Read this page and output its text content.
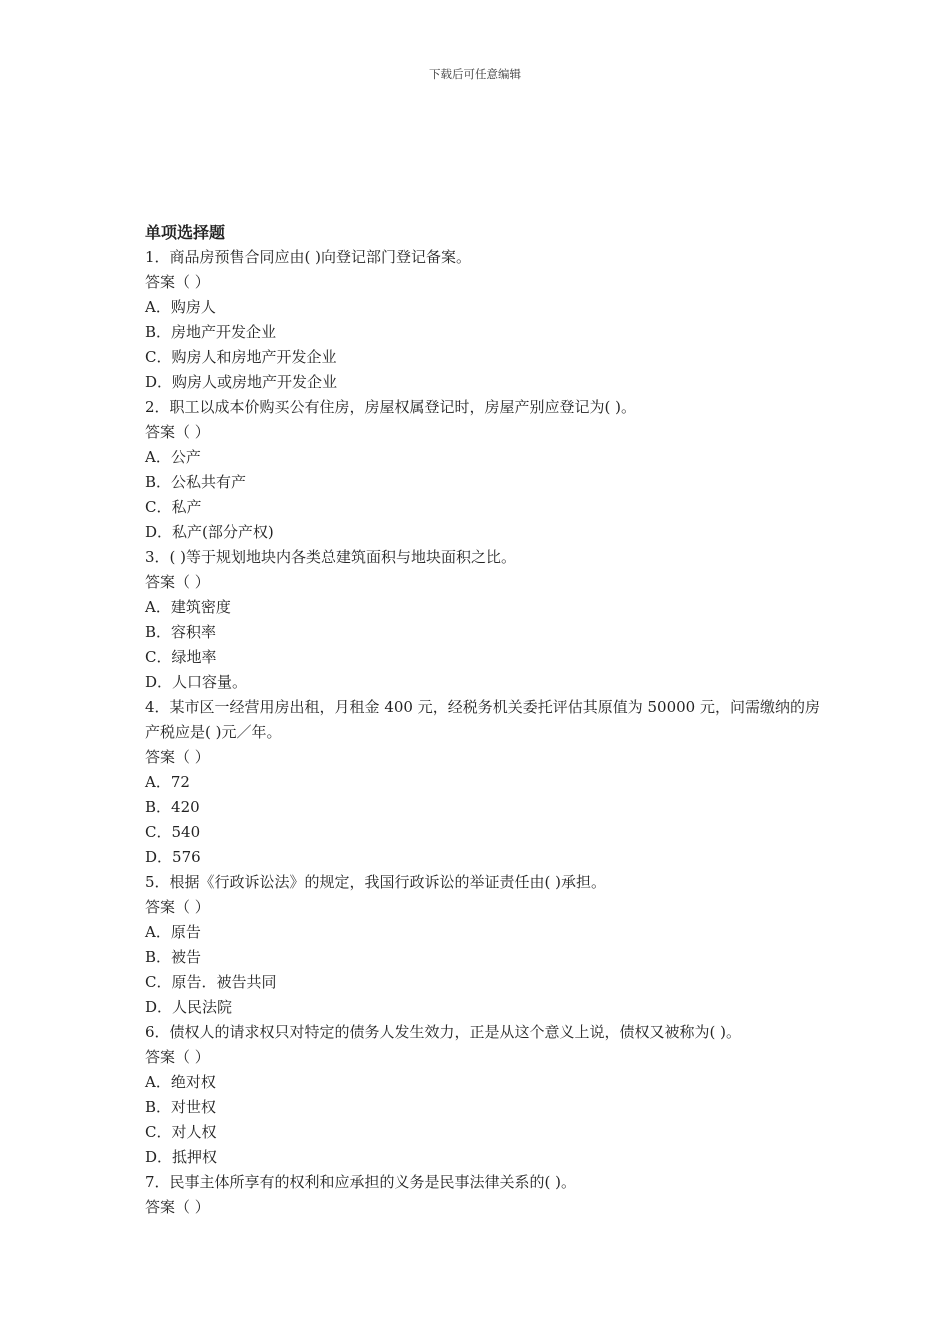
下载后可任意编辑
单项选择题
1．商品房预售合同应由( )向登记部门登记备案。
答案（ ）
A．购房人
B．房地产开发企业
C．购房人和房地产开发企业
D．购房人或房地产开发企业
2．职工以成本价购买公有住房，房屋权属登记时，房屋产别应登记为( )。
答案（ ）
A．公产
B．公私共有产
C．私产
D．私产(部分产权)
3．( )等于规划地块内各类总建筑面积与地块面积之比。
答案（ ）
A．建筑密度
B．容积率
C．绿地率
D．人口容量。
4．某市区一经营用房出租，月租金 400 元，经税务机关委托评估其原值为 50000 元，问需缴纳的房产税应是( )元／年。
答案（ ）
A．72
B．420
C．540
D．576
5．根据《行政诉讼法》的规定，我国行政诉讼的举证责任由( )承担。
答案（ ）
A．原告
B．被告
C．原告．被告共同
D．人民法院
6．债权人的请求权只对特定的债务人发生效力，正是从这个意义上说，债权又被称为( )。
答案（ ）
A．绝对权
B．对世权
C．对人权
D．抵押权
7．民事主体所享有的权利和应承担的义务是民事法律关系的( )。
答案（ ）
